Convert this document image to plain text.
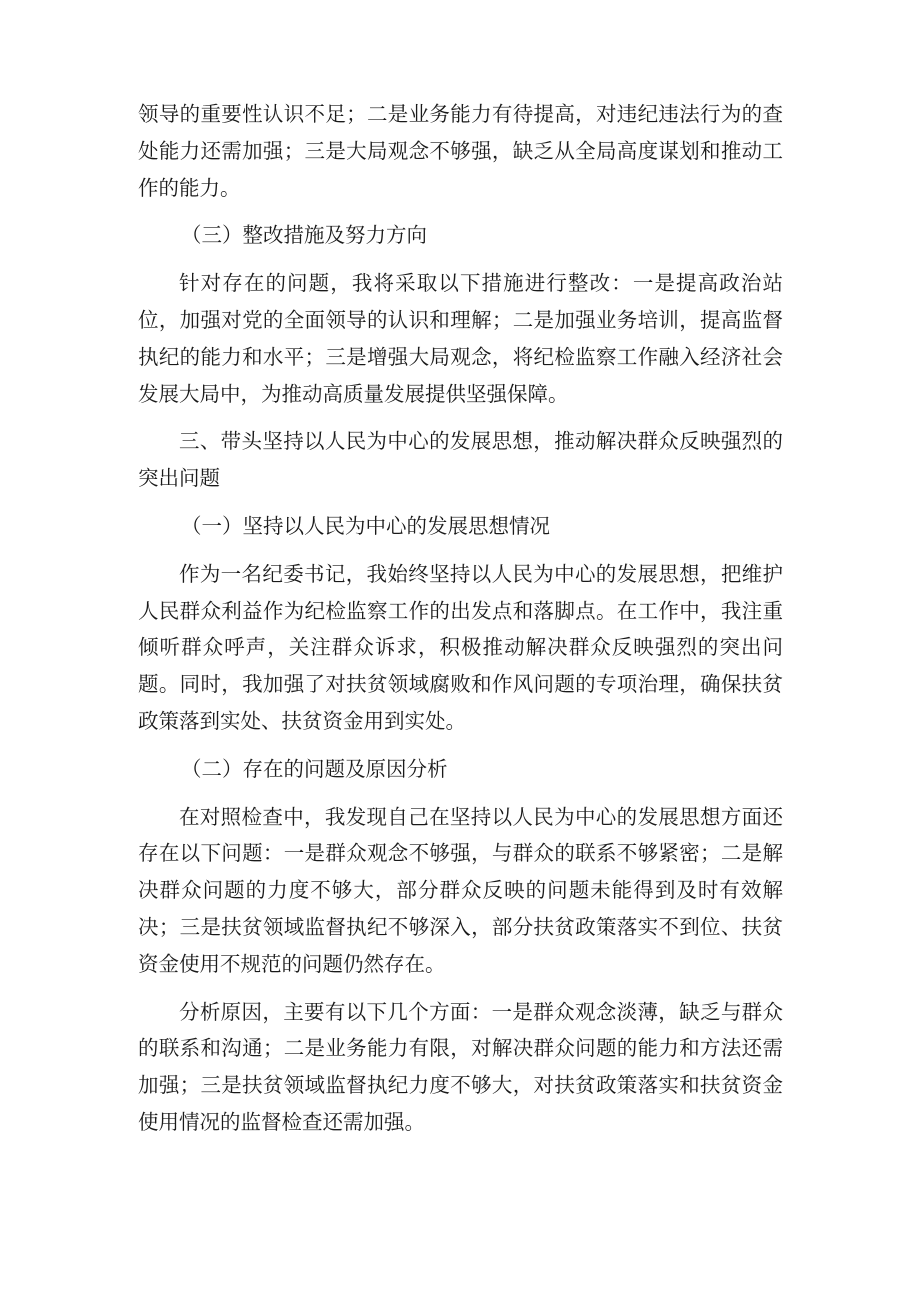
领导的重要性认识不足；二是业务能力有待提高，对违纪违法行为的查处能力还需加强；三是大局观念不够强，缺乏从全局高度谋划和推动工作的能力。

（三）整改措施及努力方向

针对存在的问题，我将采取以下措施进行整改：一是提高政治站位，加强对党的全面领导的认识和理解；二是加强业务培训，提高监督执纪的能力和水平；三是增强大局观念，将纪检监察工作融入经济社会发展大局中，为推动高质量发展提供坚强保障。

三、带头坚持以人民为中心的发展思想，推动解决群众反映强烈的突出问题

（一）坚持以人民为中心的发展思想情况

作为一名纪委书记，我始终坚持以人民为中心的发展思想，把维护人民群众利益作为纪检监察工作的出发点和落脚点。在工作中，我注重倾听群众呼声，关注群众诉求，积极推动解决群众反映强烈的突出问题。同时，我加强了对扶贫领域腐败和作风问题的专项治理，确保扶贫政策落到实处、扶贫资金用到实处。

（二）存在的问题及原因分析

在对照检查中，我发现自己在坚持以人民为中心的发展思想方面还存在以下问题：一是群众观念不够强，与群众的联系不够紧密；二是解决群众问题的力度不够大，部分群众反映的问题未能得到及时有效解决；三是扶贫领域监督执纪不够深入，部分扶贫政策落实不到位、扶贫资金使用不规范的问题仍然存在。

分析原因，主要有以下几个方面：一是群众观念淡薄，缺乏与群众的联系和沟通；二是业务能力有限，对解决群众问题的能力和方法还需加强；三是扶贫领域监督执纪力度不够大，对扶贫政策落实和扶贫资金使用情况的监督检查还需加强。
